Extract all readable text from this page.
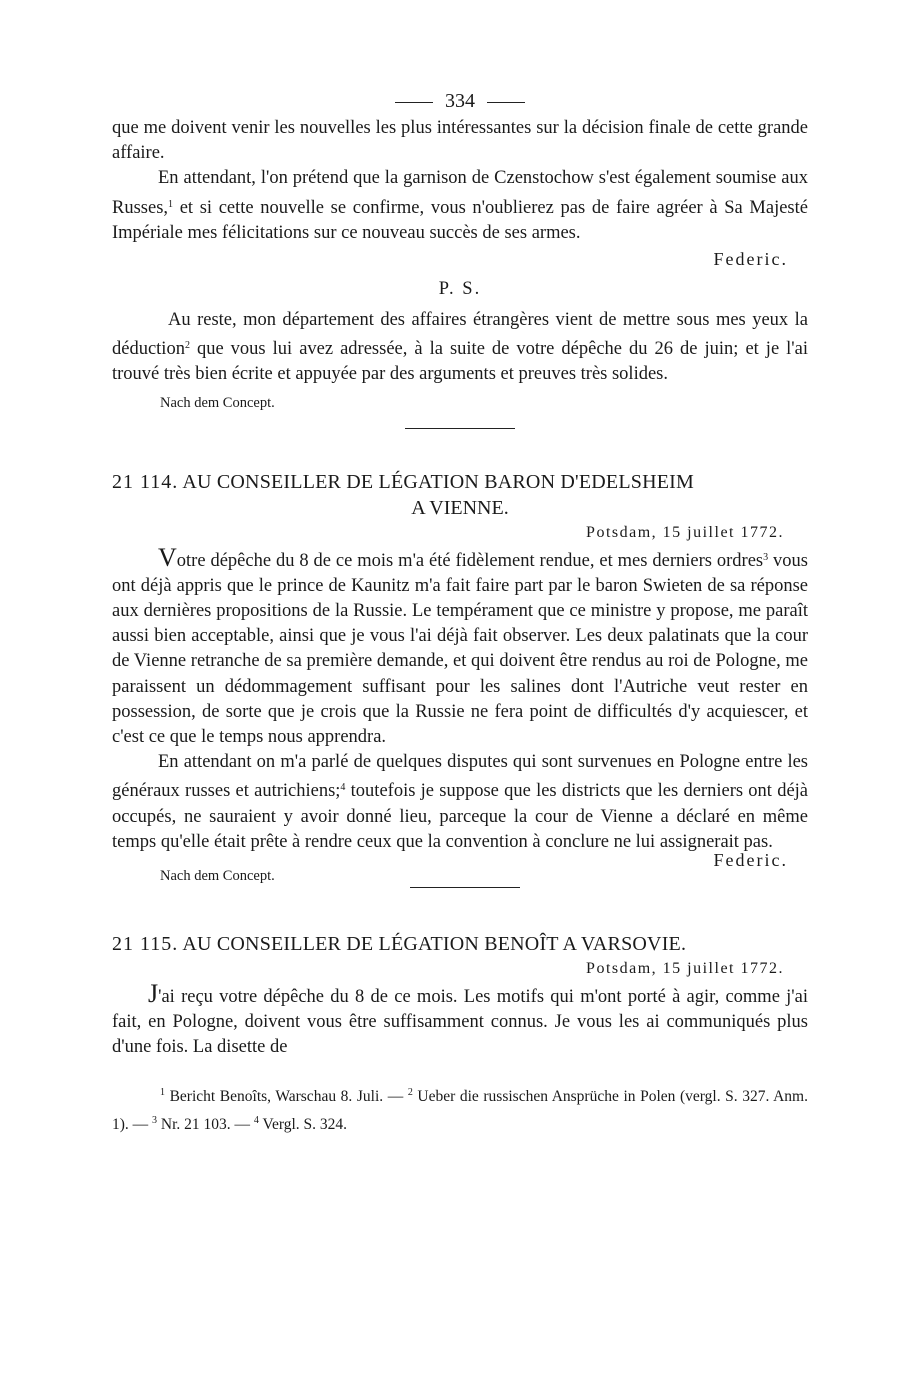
334

que me doivent venir les nouvelles les plus intéressantes sur la décision finale de cette grande affaire.

En attendant, l'on prétend que la garnison de Czenstochow s'est également soumise aux Russes,$^1$ et si cette nouvelle se confirme, vous n'oublierez pas de faire agréer à Sa Majesté Impériale mes félicitations sur ce nouveau succès de ses armes.

Federic.
P. S.

Au reste, mon département des affaires étrangères vient de mettre sous mes yeux la déduction$^2$ que vous lui avez adressée, à la suite de votre dépêche du 26 de juin; et je l'ai trouvé très bien écrite et appuyée par des arguments et preuves très solides.

Nach dem Concept.
21 114. AU CONSEILLER DE LÉGATION BARON D'EDELSHEIM
A VIENNE.
Potsdam, 15 juillet 1772.

Votre dépêche du 8 de ce mois m'a été fidèlement rendue, et mes derniers ordres$^3$ vous ont déjà appris que le prince de Kaunitz m'a fait faire part par le baron Swieten de sa réponse aux dernières propositions de la Russie. Le tempérament que ce ministre y propose, me paraît aussi bien acceptable, ainsi que je vous l'ai déjà fait observer. Les deux palatinats que la cour de Vienne retranche de sa première demande, et qui doivent être rendus au roi de Pologne, me paraissent un dédommagement suffisant pour les salines dont l'Autriche veut rester en possession, de sorte que je crois que la Russie ne fera point de difficultés d'y acquiescer, et c'est ce que le temps nous apprendra.

En attendant on m'a parlé de quelques disputes qui sont survenues en Pologne entre les généraux russes et autrichiens;$^4$ toutefois je suppose que les districts que les derniers ont déjà occupés, ne sauraient y avoir donné lieu, parceque la cour de Vienne a déclaré en même temps qu'elle était prête à rendre ceux que la convention à conclure ne lui assignerait pas.

Federic.
Nach dem Concept.
21 115. AU CONSEILLER DE LÉGATION BENOÎT A VARSOVIE.
Potsdam, 15 juillet 1772.

J'ai reçu votre dépêche du 8 de ce mois. Les motifs qui m'ont porté à agir, comme j'ai fait, en Pologne, doivent vous être suffisamment connus. Je vous les ai communiqués plus d'une fois. La disette de

$^1$ Bericht Benoîts, Warschau 8. Juli. — $^2$ Ueber die russischen Ansprüche in Polen (vergl. S. 327. Anm. 1). — $^3$ Nr. 21 103. — $^4$ Vergl. S. 324.
